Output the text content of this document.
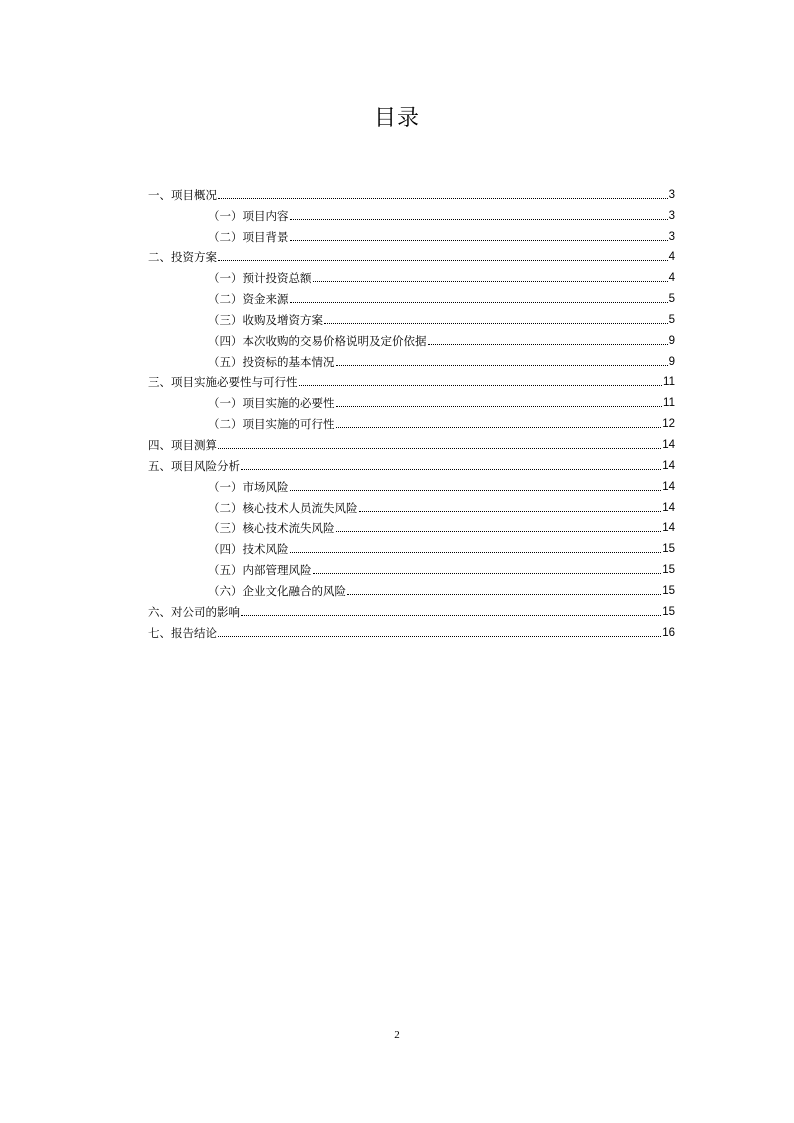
目录
一、项目概况	3
（一）项目内容	3
（二）项目背景	3
二、投资方案	4
（一）预计投资总额	4
（二）资金来源	5
（三）收购及增资方案	5
（四）本次收购的交易价格说明及定价依据	9
（五）投资标的基本情况	9
三、项目实施必要性与可行性	11
（一）项目实施的必要性	11
（二）项目实施的可行性	12
四、项目测算	14
五、项目风险分析	14
（一）市场风险	14
（二）核心技术人员流失风险	14
（三）核心技术流失风险	14
（四）技术风险	15
（五）内部管理风险	15
（六）企业文化融合的风险	15
六、对公司的影响	15
七、报告结论	16
2
